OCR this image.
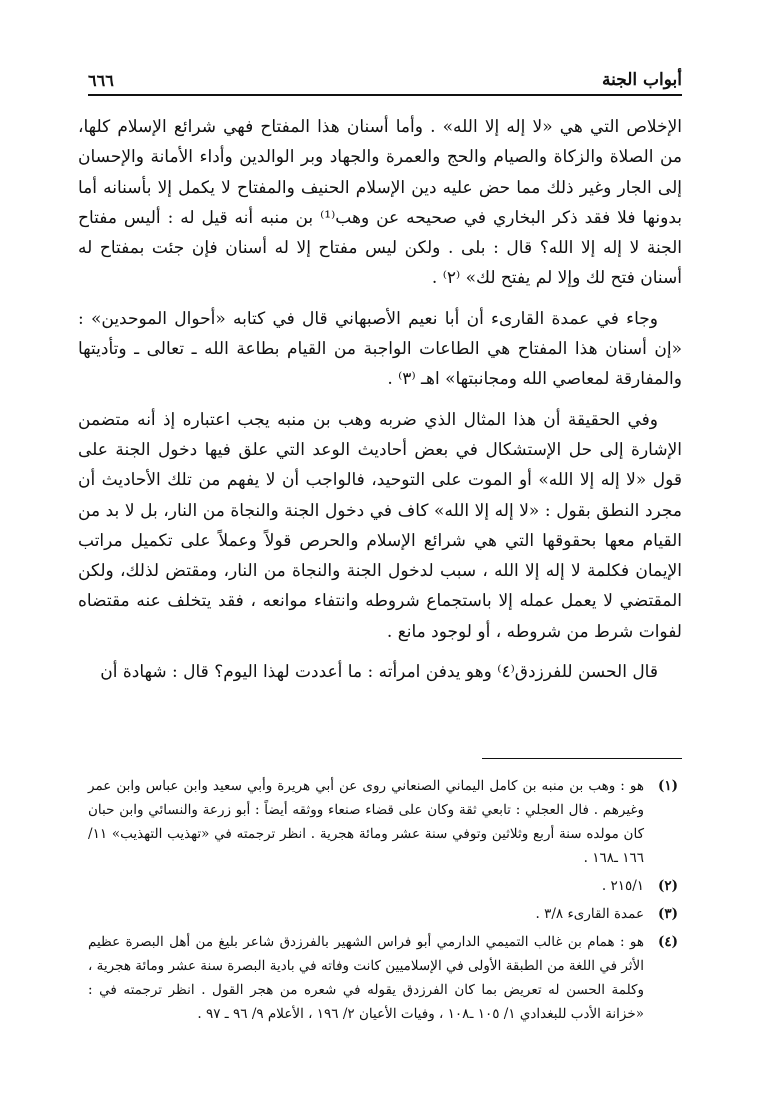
أبواب الجنة
٦٦٦

الإخلاص التي هي «لا إله إلا الله» . وأما أسنان هذا المفتاح فهي شرائع الإسلام كلها، من الصلاة والزكاة والصيام والحج والعمرة والجهاد وبر الوالدين وأداء الأمانة والإحسان إلى الجار وغير ذلك مما حض عليه دين الإسلام الحنيف والمفتاح لا يكمل إلا بأسنانه أما بدونها فلا فقد ذكر البخاري في صحيحه عن وهب⁽¹⁾ بن منبه أنه قيل له : أليس مفتاح الجنة لا إله إلا الله؟ قال : بلى . ولكن ليس مفتاح إلا له أسنان فإن جئت بمفتاح له أسنان فتح لك وإلا لم يفتح لك» ⁽٢⁾ .

وجاء في عمدة القارىء أن أبا نعيم الأصبهاني قال في كتابه «أحوال الموحدين» : «إن أسنان هذا المفتاح هي الطاعات الواجبة من القيام بطاعة الله ـ تعالى ـ وتأديتها والمفارقة لمعاصي الله ومجانبتها» اهـ ⁽٣⁾ .

وفي الحقيقة أن هذا المثال الذي ضربه وهب بن منبه يجب اعتباره إذ أنه متضمن الإشارة إلى حل الإستشكال في بعض أحاديث الوعد التي علق فيها دخول الجنة على قول «لا إله إلا الله» أو الموت على التوحيد، فالواجب أن لا يفهم من تلك الأحاديث أن مجرد النطق بقول : «لا إله إلا الله» كاف في دخول الجنة والنجاة من النار، بل لا بد من القيام معها بحقوقها التي هي شرائع الإسلام والحرص قولاً وعملاً على تكميل مراتب الإيمان فكلمة لا إله إلا الله ، سبب لدخول الجنة والنجاة من النار، ومقتض لذلك، ولكن المقتضي لا يعمل عمله إلا باستجماع شروطه وانتفاء موانعه ، فقد يتخلف عنه مقتضاه لفوات شرط من شروطه ، أو لوجود مانع .

قال الحسن للفرزدق⁽٤⁾ وهو يدفن امرأته : ما أعددت لهذا اليوم؟ قال : شهادة أن

(١)
هو : وهب بن منبه بن كامل اليماني الصنعاني روى عن أبي هريرة وأبي سعيد وابن عباس وابن عمر وغيرهم . فال العجلي : تابعي ثقة وكان على قضاء صنعاء ووثقه أيضاً : أبو زرعة والنسائي وابن حبان كان مولده سنة أربع وثلاثين وتوفي سنة عشر ومائة هجرية . انظر ترجمته في «تهذيب التهذيب» ١١/ ١٦٦ ـ١٦٨ .
(٢)
٢١٥/١ .
(٣)
عمدة القارىء ٣/٨ .
(٤)
هو : همام بن غالب التميمي الدارمي أبو فراس الشهير بالفرزدق شاعر بليغ من أهل البصرة عظيم الأثر في اللغة من الطبقة الأولى في الإسلاميين كانت وفاته في بادية البصرة سنة عشر ومائة هجرية ، وكلمة الحسن له تعريض بما كان الفرزدق يقوله في شعره من هجر القول . انظر ترجمته في : «خزانة الأدب للبغدادي ١/ ١٠٥ ـ١٠٨ ، وفيات الأعيان ٢/ ١٩٦ ، الأعلام ٩/ ٩٦ ـ ٩٧ .
